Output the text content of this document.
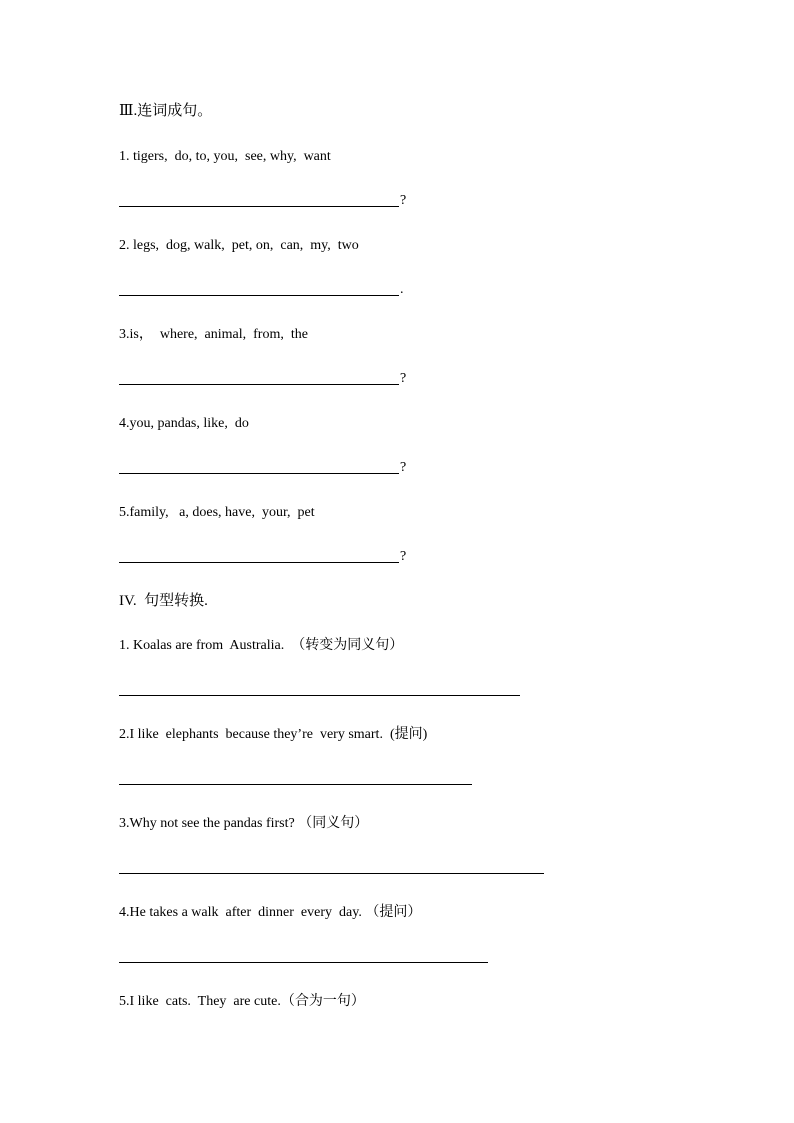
Ⅲ.连词成句。
1. tigers,  do, to, you,  see, why,  want
?
2. legs,  dog, walk,  pet, on,  can,  my,  two
.
3.is，  where,  animal,  from,  the
?
4.you, pandas, like,  do
?
5.family,   a, does, have,  your,  pet
?
IV.  句型转换.
1. Koalas are from  Australia.  （转变为同义句）
2.I like  elephants  because they’re  very smart.  (提问)
3.Why not see the pandas first? （同义句）
4.He takes a walk  after  dinner  every  day. （提问）
5.I like  cats.  They  are cute.（合为一句）
